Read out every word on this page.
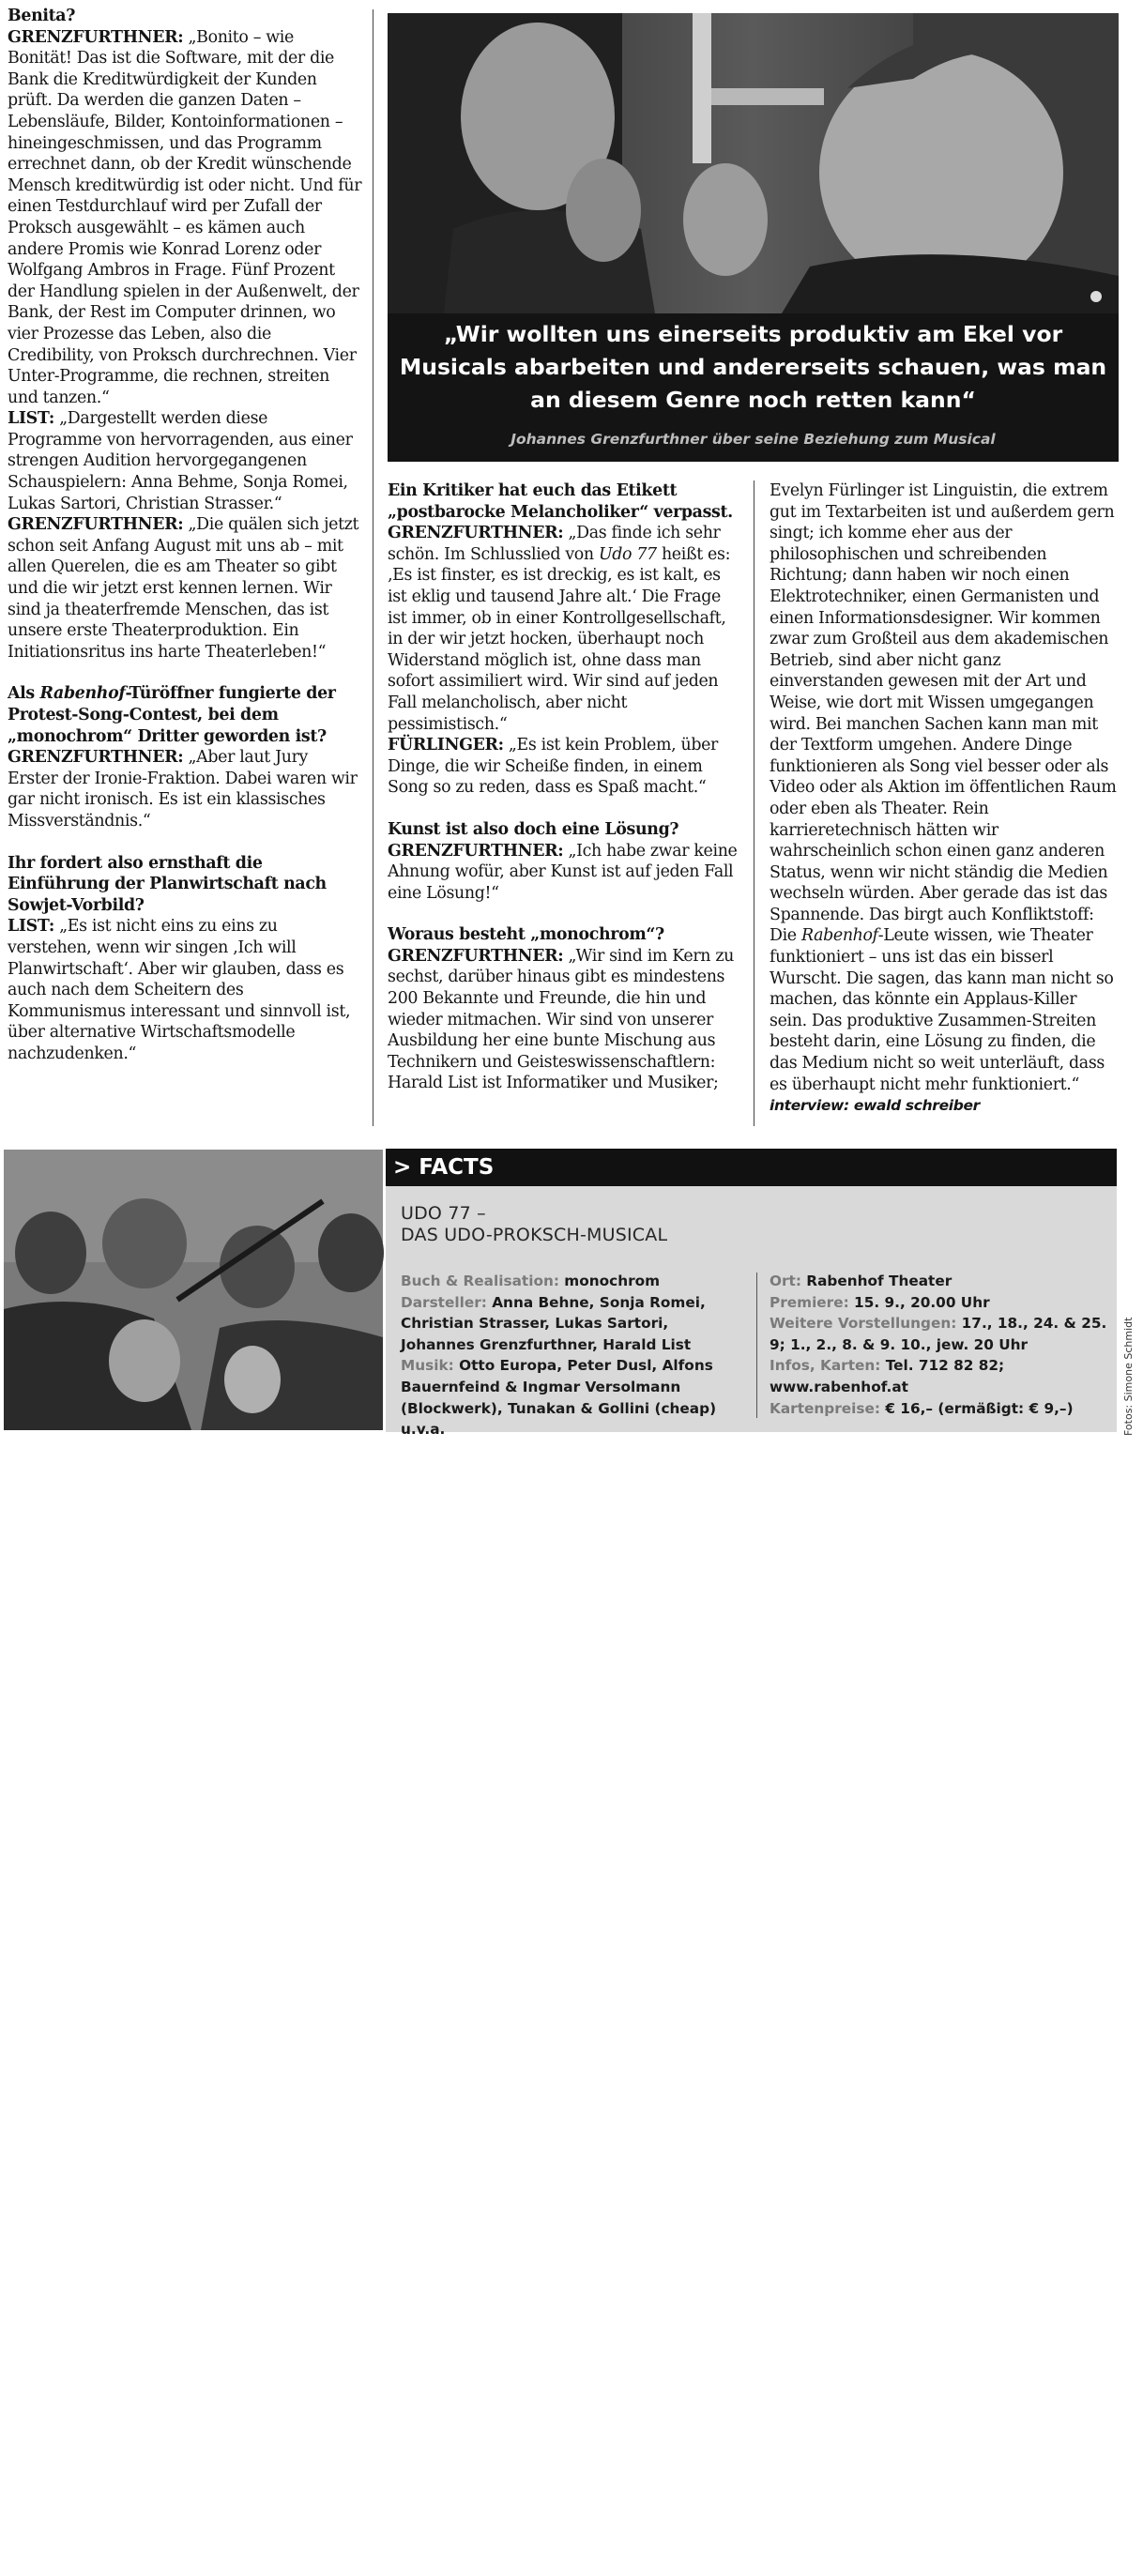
Benita?

GRENZFURTHNER: „Bonito – wie Bonität! Das ist die Software, mit der die Bank die Kreditwürdigkeit der Kunden prüft. Da werden die ganzen Daten – Lebensläufe, Bilder, Kontoinformationen – hineingeschmissen, und das Programm errechnet dann, ob der Kredit wünschende Mensch kreditwürdig ist oder nicht. Und für einen Testdurchlauf wird per Zufall der Proksch ausgewählt – es kämen auch andere Promis wie Konrad Lorenz oder Wolfgang Ambros in Frage. Fünf Prozent der Handlung spielen in der Außenwelt, der Bank, der Rest im Computer drinnen, wo vier Prozesse das Leben, also die Credibility, von Proksch durchrechnen. Vier Unter-Programme, die rechnen, streiten und tanzen.“

LIST: „Dargestellt werden diese Programme von hervorragenden, aus einer strengen Audition hervorgegangenen Schauspielern: Anna Behme, Sonja Romei, Lukas Sartori, Christian Strasser.“

GRENZFURTHNER: „Die quälen sich jetzt schon seit Anfang August mit uns ab – mit allen Querelen, die es am Theater so gibt und die wir jetzt erst kennen lernen. Wir sind ja theaterfremde Menschen, das ist unsere erste Theaterproduktion. Ein Initiationsritus ins harte Theaterleben!“

Als Rabenhof-Türöffner fungierte der Protest-Song-Contest, bei dem „monochrom“ Dritter geworden ist?

GRENZFURTHNER: „Aber laut Jury Erster der Ironie-Fraktion. Dabei waren wir gar nicht ironisch. Es ist ein klassisches Missverständnis.“

Ihr fordert also ernsthaft die Einführung der Planwirtschaft nach Sowjet-Vorbild?

LIST: „Es ist nicht eins zu eins zu verstehen, wenn wir singen ‚Ich will Planwirtschaft‘. Aber wir glauben, dass es auch nach dem Scheitern des Kommunismus interessant und sinnvoll ist, über alternative Wirtschaftsmodelle nachzudenken.“

„Wir wollten uns einerseits produktiv am Ekel vor Musicals abarbeiten und andererseits schauen, was man an diesem Genre noch retten kann“
Johannes Grenzfurthner über seine Beziehung zum Musical

Ein Kritiker hat euch das Etikett „postbarocke Melancholiker“ verpasst.

GRENZFURTHNER: „Das finde ich sehr schön. Im Schlusslied von Udo 77 heißt es: ‚Es ist finster, es ist dreckig, es ist kalt, es ist eklig und tausend Jahre alt.‘ Die Frage ist immer, ob in einer Kontrollgesellschaft, in der wir jetzt hocken, überhaupt noch Widerstand möglich ist, ohne dass man sofort assimiliert wird. Wir sind auf jeden Fall melancholisch, aber nicht pessimistisch.“

FÜRLINGER: „Es ist kein Problem, über Dinge, die wir Scheiße finden, in einem Song so zu reden, dass es Spaß macht.“

Kunst ist also doch eine Lösung?

GRENZFURTHNER: „Ich habe zwar keine Ahnung wofür, aber Kunst ist auf jeden Fall eine Lösung!“

Woraus besteht „monochrom“?

GRENZFURTHNER: „Wir sind im Kern zu sechst, darüber hinaus gibt es mindestens 200 Bekannte und Freunde, die hin und wieder mitmachen. Wir sind von unserer Ausbildung her eine bunte Mischung aus Technikern und Geisteswissenschaftlern: Harald List ist Informatiker und Musiker;

Evelyn Fürlinger ist Linguistin, die extrem gut im Textarbeiten ist und außerdem gern singt; ich komme eher aus der philosophischen und schreibenden Richtung; dann haben wir noch einen Elektrotechniker, einen Germanisten und einen Informationsdesigner. Wir kommen zwar zum Großteil aus dem akademischen Betrieb, sind aber nicht ganz einverstanden gewesen mit der Art und Weise, wie dort mit Wissen umgegangen wird. Bei manchen Sachen kann man mit der Textform umgehen. Andere Dinge funktionieren als Song viel besser oder als Video oder als Aktion im öffentlichen Raum oder eben als Theater. Rein karrieretechnisch hätten wir wahrscheinlich schon einen ganz anderen Status, wenn wir nicht ständig die Medien wechseln würden. Aber gerade das ist das Spannende. Das birgt auch Konfliktstoff: Die Rabenhof-Leute wissen, wie Theater funktioniert – uns ist das ein bisserl Wurscht. Die sagen, das kann man nicht so machen, das könnte ein Applaus-Killer sein. Das produktive Zusammen-Streiten besteht darin, eine Lösung zu finden, die das Medium nicht so weit unterläuft, dass es überhaupt nicht mehr funktioniert.“ interview: ewald schreiber

12
> FACTS
UDO 77 –
DAS UDO-PROKSCH-MUSICAL
Buch & Realisation: monochrom
Darsteller: Anna Behne, Sonja Romei, Christian Strasser, Lukas Sartori, Johannes Grenzfurthner, Harald List
Musik: Otto Europa, Peter Dusl, Alfons Bauernfeind & Ingmar Versolmann (Blockwerk), Tunakan & Gollini (cheap) u.v.a.
Ort: Rabenhof Theater
Premiere: 15. 9., 20.00 Uhr
Weitere Vorstellungen: 17., 18., 24. & 25. 9; 1., 2., 8. & 9. 10., jew. 20 Uhr
Infos, Karten: Tel. 712 82 82; www.rabenhof.at
Kartenpreise: € 16,– (ermäßigt: € 9,–)	Fotos: Simone Schmidt
